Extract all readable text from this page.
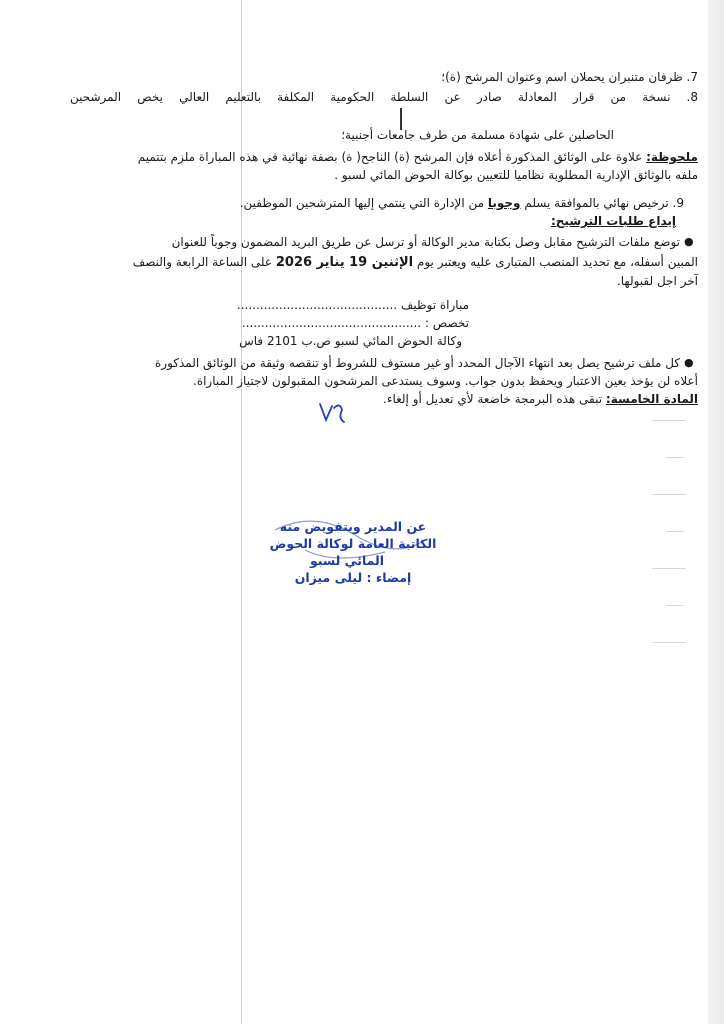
7. ظرفان متنبران يحملان اسم وعنوان المرشح (ة)؛
8. نسخة من قرار المعادلة صادر عن السلطة الحكومية المكلفة بالتعليم العالي يخص المرشحين
الحاصلين على شهادة مسلمة من طرف جامعات أجنبية؛
ملحوظة: علاوة على الوثائق المذكورة أعلاه فإن المرشح (ة) الناجح( ة) بصفة نهائية في هذه المباراة ملزم بتتميم
ملفه بالوثائق الإدارية المطلوبة نظاميا للتعيين بوكالة الحوض المائي لسبو .
9. ترخيص نهائي بالموافقة يسلم وجوبا من الإدارة التي ينتمي إليها المترشحين الموظفين.
إيداع طلبات الترشيح:
●
توضع ملفات الترشيح مقابل وصل بكتابة مدير الوكالة أو ترسل عن طريق البريد المضمون وجوباً للعنوان
المبين أسفله، مع تحديد المنصب المتبارى عليه ويعتبر يوم الإثنين 19 يناير 2026 على الساعة الرابعة والنصف
آخر اجل لقبولها.
مباراة توظيف ..........................................
تخصص : ...............................................
وكالة الحوض المائي لسبو ص.ب 2101 فاس
●
كل ملف ترشيح يصل بعد انتهاء الآجال المحدد أو غير مستوف للشروط أو تنقصه وثيقة من الوثائق المذكورة
أعلاه لن يؤخذ بعين الاعتبار ويحفظ بدون جواب. وسوف يستدعى المرشحون المقبولون لاجتياز المباراة.
المادة الخامسة: تبقى هذه البرمجة خاضعة لأي تعديل أو إلغاء.
عن المدير وبتفويض منه
الكاتبة العامة لوكالة الحوض
المائي لسبو
إمضاء : ليلى ميزان
